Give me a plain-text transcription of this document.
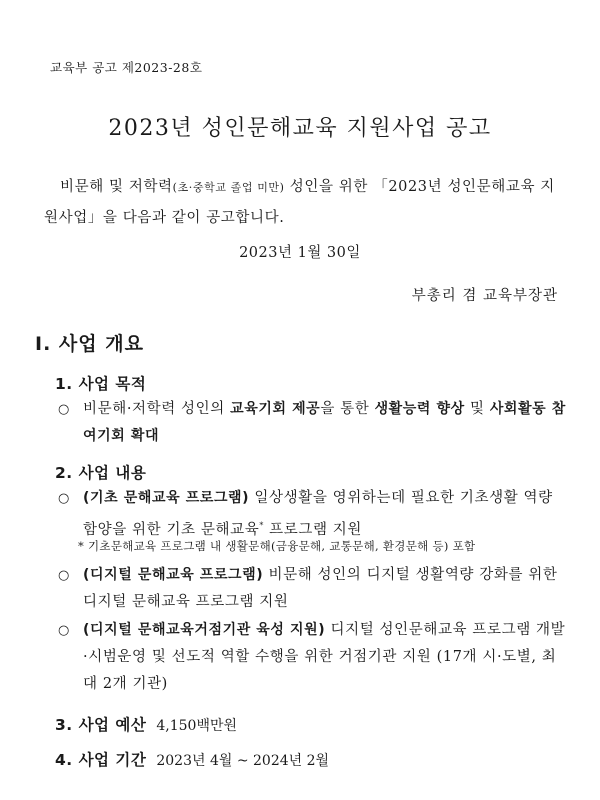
교육부 공고 제2023-28호
2023년 성인문해교육 지원사업 공고
비문해 및 저학력(초·중학교 졸업 미만) 성인을 위한 「2023년 성인문해교육 지원사업」을 다음과 같이 공고합니다.
2023년 1월 30일
부총리 겸 교육부장관
Ⅰ. 사업 개요
1. 사업 목적
○ 비문해·저학력 성인의 교육기회 제공을 통한 생활능력 향상 및 사회활동 참여기회 확대
2. 사업 내용
○ (기초 문해교육 프로그램) 일상생활을 영위하는데 필요한 기초생활 역량 함양을 위한 기초 문해교육* 프로그램 지원
* 기초문해교육 프로그램 내 생활문해(금융문해, 교통문해, 환경문해 등) 포함
○ (디지털 문해교육 프로그램) 비문해 성인의 디지털 생활역량 강화를 위한 디지털 문해교육 프로그램 지원
○ (디지털 문해교육거점기관 육성 지원) 디지털 성인문해교육 프로그램 개발·시범운영 및 선도적 역할 수행을 위한 거점기관 지원 (17개 시·도별, 최대 2개 기관)
3. 사업 예산 4,150백만원
4. 사업 기간 2023년 4월 ~ 2024년 2월
